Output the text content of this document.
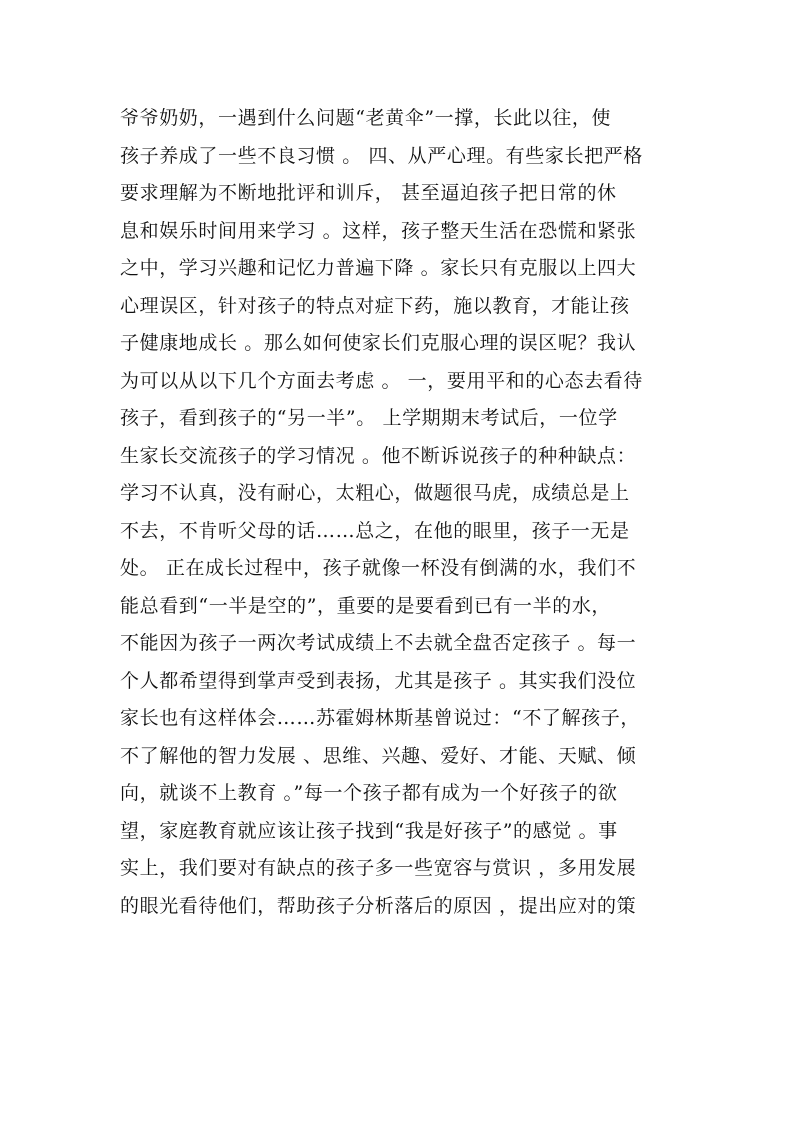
爷爷奶奶，一遇到什么问题“老黄伞”一撑，长此以往，使
孩子养成了一些不良习惯 。 四、从严心理。有些家长把严格
要求理解为不断地批评和训斥， 甚至逼迫孩子把日常的休
息和娱乐时间用来学习 。这样，孩子整天生活在恐慌和紧张
之中，学习兴趣和记忆力普遍下降 。家长只有克服以上四大
心理误区，针对孩子的特点对症下药，施以教育，才能让孩
子健康地成长 。那么如何使家长们克服心理的误区呢？我认
为可以从以下几个方面去考虑 。 一，要用平和的心态去看待
孩子，看到孩子的“另一半”。 上学期期末考试后，一位学
生家长交流孩子的学习情况 。他不断诉说孩子的种种缺点：
学习不认真，没有耐心，太粗心，做题很马虎，成绩总是上
不去，不肯听父母的话……总之，在他的眼里，孩子一无是
处。 正在成长过程中，孩子就像一杯没有倒满的水，我们不
能总看到“一半是空的”，重要的是要看到已有一半的水，
不能因为孩子一两次考试成绩上不去就全盘否定孩子 。每一
个人都希望得到掌声受到表扬，尤其是孩子 。其实我们没位
家长也有这样体会……苏霍姆林斯基曾说过：“不了解孩子，
不了解他的智力发展 、思维、兴趣、爱好、才能、天赋、倾
向，就谈不上教育 。”每一个孩子都有成为一个好孩子的欲
望，家庭教育就应该让孩子找到“我是好孩子”的感觉 。事
实上，我们要对有缺点的孩子多一些宽容与赏识 ，多用发展
的眼光看待他们，帮助孩子分析落后的原因 ，提出应对的策
